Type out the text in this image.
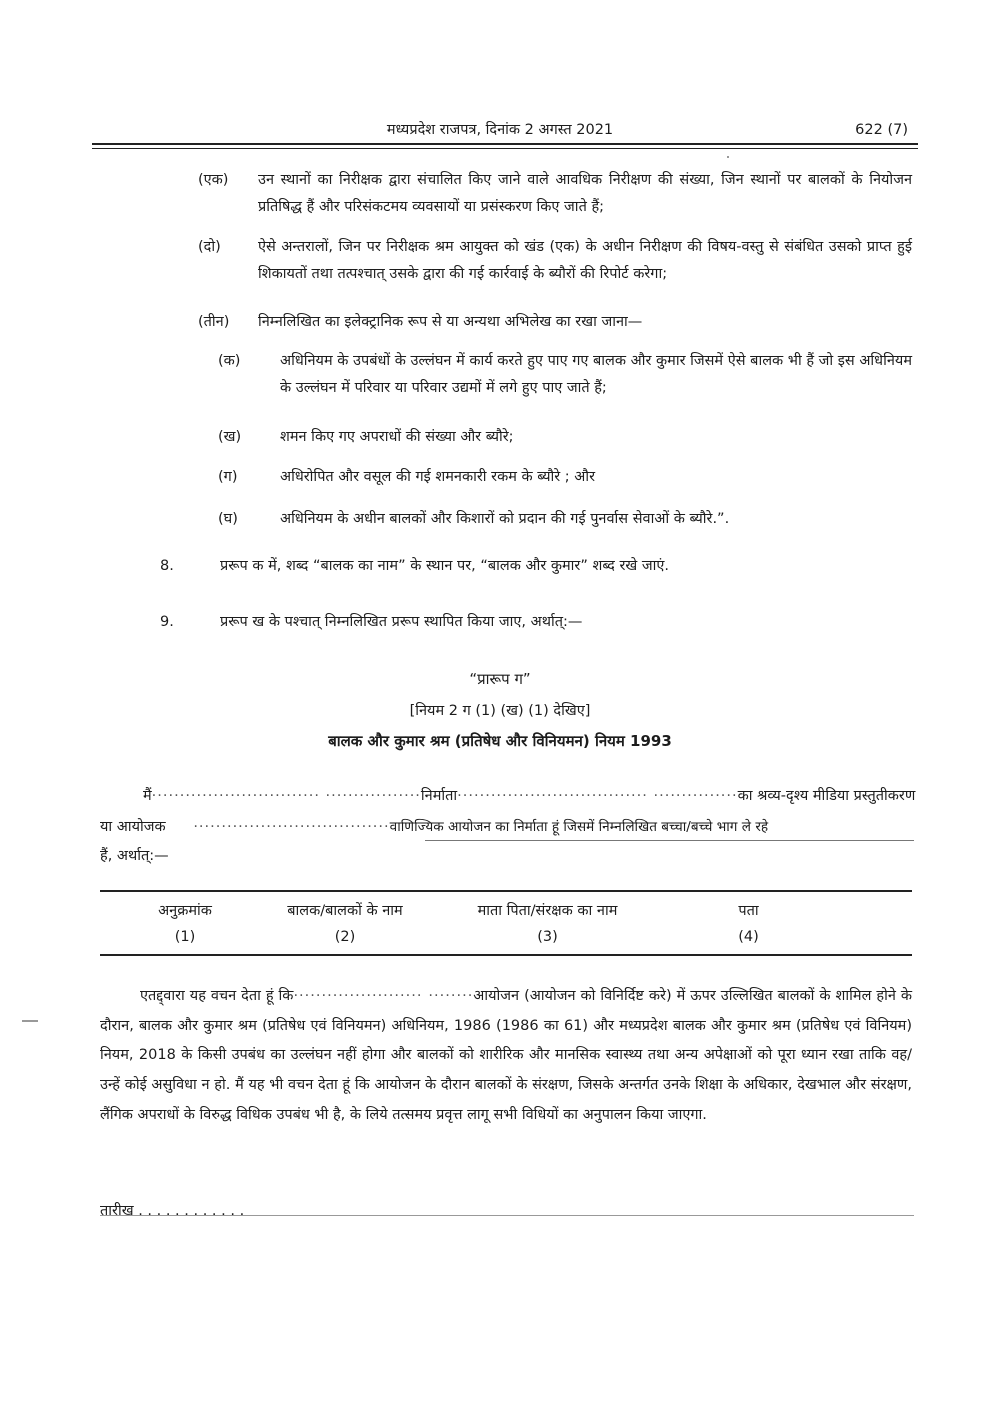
मध्यप्रदेश राजपत्र, दिनांक 2 अगस्त 2021	622 (7)
(एक)	उन स्थानों का निरीक्षक द्वारा संचालित किए जाने वाले आवधिक निरीक्षण की संख्या, जिन स्थानों पर बालकों के नियोजन प्रतिषिद्ध हैं और परिसंकटमय व्यवसायों या प्रसंस्करण किए जाते हैं;
(दो)	ऐसे अन्तरालों, जिन पर निरीक्षक श्रम आयुक्त को खंड (एक) के अधीन निरीक्षण की विषय-वस्तु से संबंधित उसको प्राप्त हुई शिकायतों तथा तत्पश्चात् उसके द्वारा की गई कार्रवाई के ब्यौरों की रिपोर्ट करेगा;
(तीन)	निम्नलिखित का इलेक्ट्रानिक रूप से या अन्यथा अभिलेख का रखा जाना—
(क)	अधिनियम के उपबंधों के उल्लंघन में कार्य करते हुए पाए गए बालक और कुमार जिसमें ऐसे बालक भी हैं जो इस अधिनियम के उल्लंघन में परिवार या परिवार उद्यमों में लगे हुए पाए जाते हैं;
(ख)	शमन किए गए अपराधों की संख्या और ब्यौरे;
(ग)	अधिरोपित और वसूल की गई शमनकारी रकम के ब्यौरे ; और
(घ)	अधिनियम के अधीन बालकों और किशारों को प्रदान की गई पुनर्वास सेवाओं के ब्यौरे.”.
8.	प्ररूप क में, शब्द “बालक का नाम” के स्थान पर, “बालक और कुमार” शब्द रखे जाएं.
9.	प्ररूप ख के पश्चात् निम्नलिखित प्ररूप स्थापित किया जाए, अर्थात्:—
“प्रारूप ग”
[नियम 2 ग (1) (ख) (1) देखिए]
बालक और कुमार श्रम (प्रतिषेध और विनियमन) नियम 1993
मैं······························ ·················निर्माता·································· ···············का श्रव्य-दृश्य मीडिया प्रस्तुतीकरण
या आयोजक ···································वाणिज्यिक आयोजन का निर्माता हूं जिसमें निम्नलिखित बच्चा/बच्चे भाग ले रहे
हैं, अर्थात्:—
अनुक्रमांक	बालक/बालकों के नाम	माता पिता/संरक्षक का नाम	पता
(1)	(2)	(3)	(4)
एतद्द्वारा यह वचन देता हूं कि······················· ········आयोजन (आयोजन को विनिर्दिष्ट करे) में ऊपर उल्लिखित बालकों के शामिल होने के दौरान, बालक और कुमार श्रम (प्रतिषेध एवं विनियमन) अधिनियम, 1986 (1986 का 61) और मध्यप्रदेश बालक और कुमार श्रम (प्रतिषेध एवं विनियम) नियम, 2018 के किसी उपबंध का उल्लंघन नहीं होगा और बालकों को शारीरिक और मानसिक स्वास्थ्य तथा अन्य अपेक्षाओं को पूरा ध्यान रखा ताकि वह/उन्हें कोई असुविधा न हो. मैं यह भी वचन देता हूं कि आयोजन के दौरान बालकों के संरक्षण, जिसके अन्तर्गत उनके शिक्षा के अधिकार, देखभाल और संरक्षण, लैंगिक अपराधों के विरुद्ध विधिक उपबंध भी है, के लिये तत्समय प्रवृत्त लागू सभी विधियों का अनुपालन किया जाएगा.
तारीख . . . . . . . . . . . .
